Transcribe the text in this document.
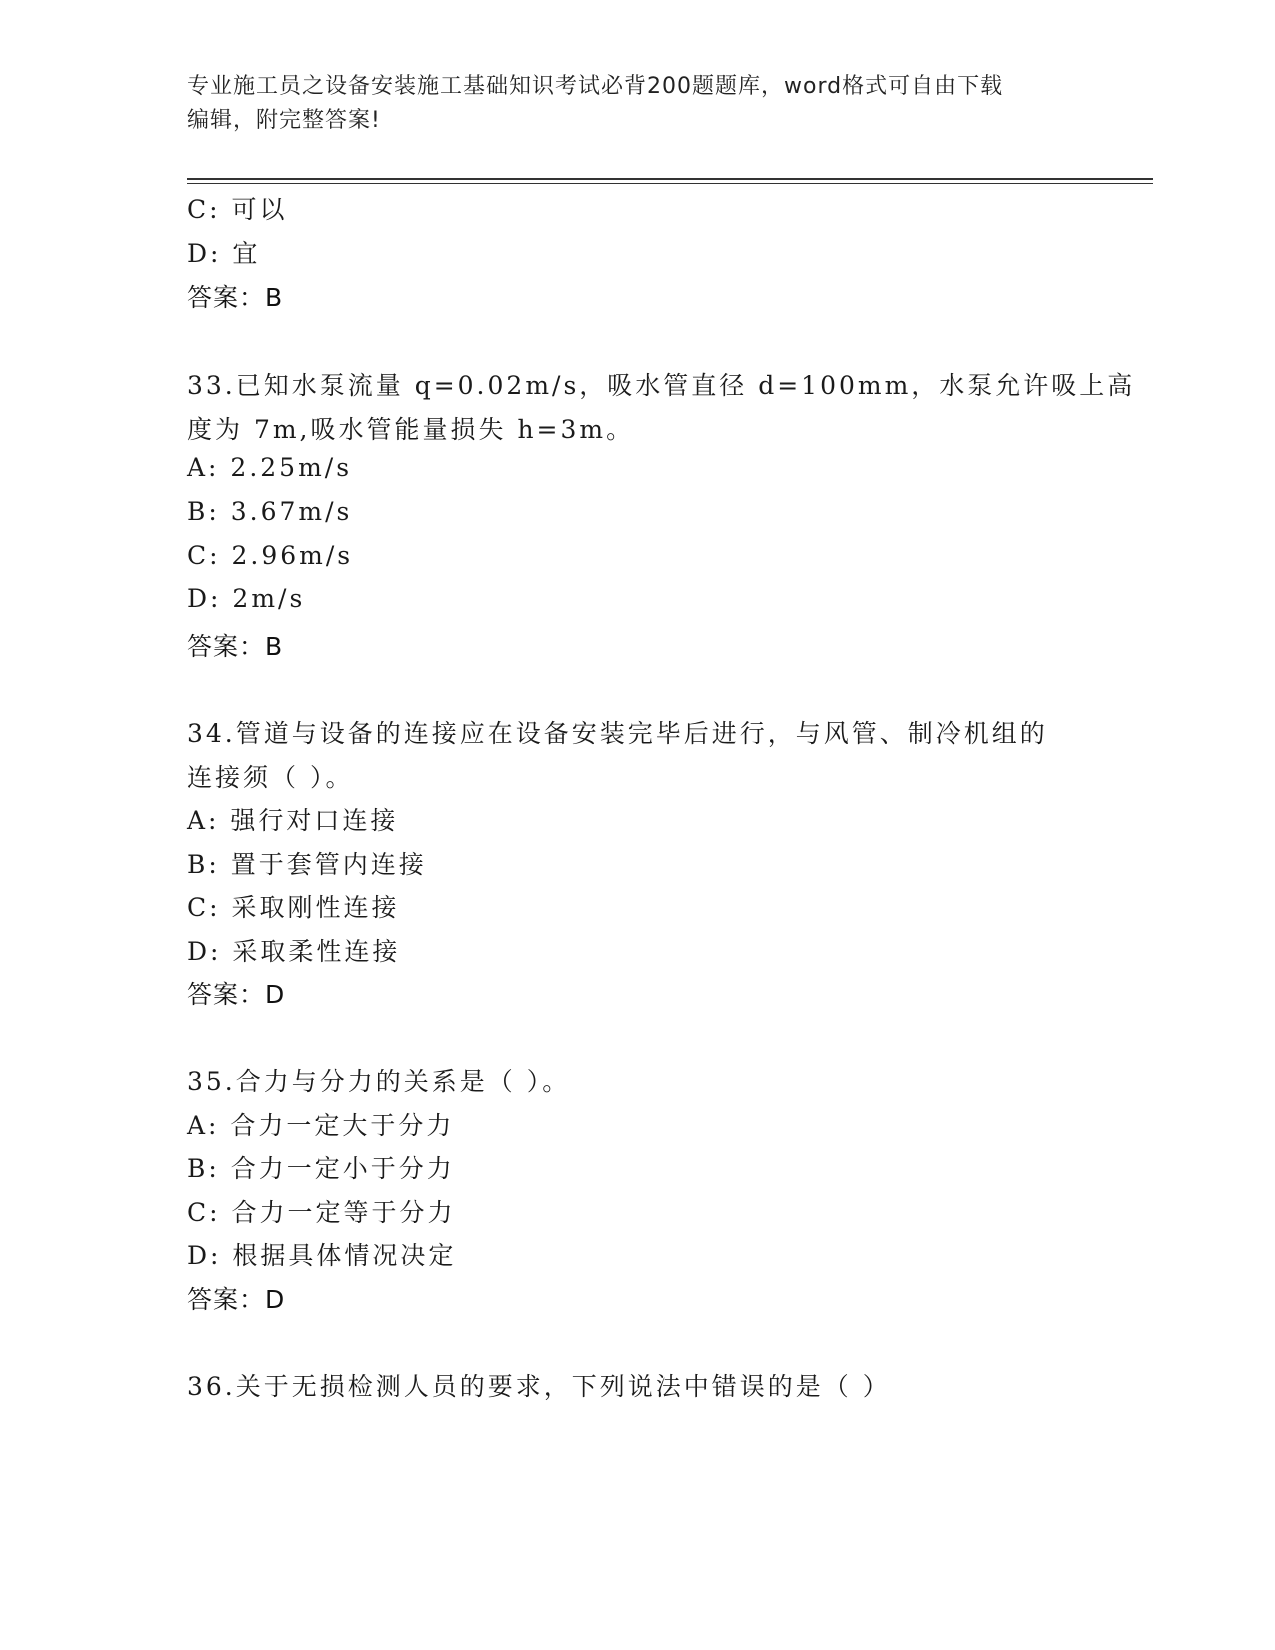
专业施工员之设备安装施工基础知识考试必背200题题库，word格式可自由下载
编辑，附完整答案!
C: 可以
D: 宜
答案：B
33.已知水泵流量 q=0.02m/s，吸水管直径 d=100mm，水泵允许吸上高
度为 7m,吸水管能量损失 h=3m。
A: 2.25m/s
B: 3.67m/s
C: 2.96m/s
D: 2m/s
答案：B
34.管道与设备的连接应在设备安装完毕后进行，与风管、制冷机组的
连接须（ ）。
A: 强行对口连接
B: 置于套管内连接
C: 采取刚性连接
D: 采取柔性连接
答案：D
35.合力与分力的关系是（ ）。
A: 合力一定大于分力
B: 合力一定小于分力
C: 合力一定等于分力
D: 根据具体情况决定
答案：D
36.关于无损检测人员的要求，下列说法中错误的是（ ）
